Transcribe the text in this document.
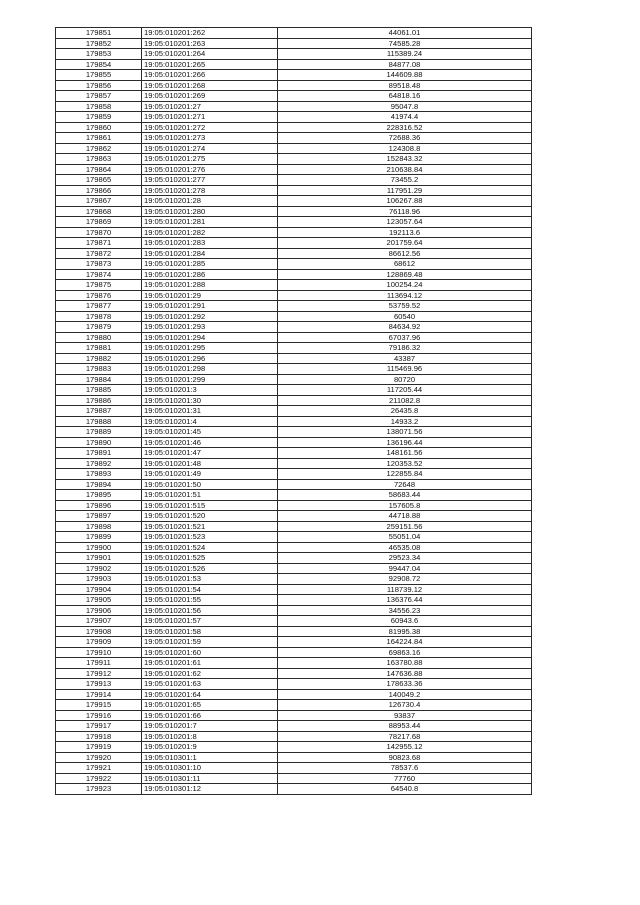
179851	19:05:010201:262	44061.01
179852	19:05:010201:263	74585.28
179853	19:05:010201:264	115389.24
179854	19:05:010201:265	84877.08
179855	19:05:010201:266	144609.88
179856	19:05:010201:268	89518.48
179857	19:05:010201:269	64818.16
179858	19:05:010201:27	95047.8
179859	19:05:010201:271	41974.4
179860	19:05:010201:272	228316.52
179861	19:05:010201:273	72688.36
179862	19:05:010201:274	124308.8
179863	19:05:010201:275	152843.32
179864	19:05:010201:276	210638.84
179865	19:05:010201:277	73455.2
179866	19:05:010201:278	117951.29
179867	19:05:010201:28	106267.88
179868	19:05:010201:280	76118.96
179869	19:05:010201:281	123057.64
179870	19:05:010201:282	192113.6
179871	19:05:010201:283	201759.64
179872	19:05:010201:284	86612.56
179873	19:05:010201:285	68612
179874	19:05:010201:286	128869.48
179875	19:05:010201:288	100254.24
179876	19:05:010201:29	113694.12
179877	19:05:010201:291	53759.52
179878	19:05:010201:292	60540
179879	19:05:010201:293	84634.92
179880	19:05:010201:294	67037.96
179881	19:05:010201:295	79186.32
179882	19:05:010201:296	43387
179883	19:05:010201:298	115469.96
179884	19:05:010201:299	80720
179885	19:05:010201:3	117205.44
179886	19:05:010201:30	211082.8
179887	19:05:010201:31	26435.8
179888	19:05:010201:4	14933.2
179889	19:05:010201:45	138071.56
179890	19:05:010201:46	136196.44
179891	19:05:010201:47	148161.56
179892	19:05:010201:48	120353.52
179893	19:05:010201:49	122855.84
179894	19:05:010201:50	72648
179895	19:05:010201:51	58683.44
179896	19:05:010201:515	157605.8
179897	19:05:010201:520	44718.88
179898	19:05:010201:521	259151.56
179899	19:05:010201:523	55051.04
179900	19:05:010201:524	46535.08
179901	19:05:010201:525	29523.34
179902	19:05:010201:526	99447.04
179903	19:05:010201:53	92908.72
179904	19:05:010201:54	118739.12
179905	19:05:010201:55	136376.44
179906	19:05:010201:56	34556.23
179907	19:05:010201:57	60943.6
179908	19:05:010201:58	81995.38
179909	19:05:010201:59	164224.84
179910	19:05:010201:60	69863.16
179911	19:05:010201:61	163780.88
179912	19:05:010201:62	147636.88
179913	19:05:010201:63	178633.36
179914	19:05:010201:64	140049.2
179915	19:05:010201:65	126730.4
179916	19:05:010201:66	93837
179917	19:05:010201:7	88953.44
179918	19:05:010201:8	78217.68
179919	19:05:010201:9	142955.12
179920	19:05:010301:1	90823.68
179921	19:05:010301:10	78537.6
179922	19:05:010301:11	77760
179923	19:05:010301:12	64540.8
